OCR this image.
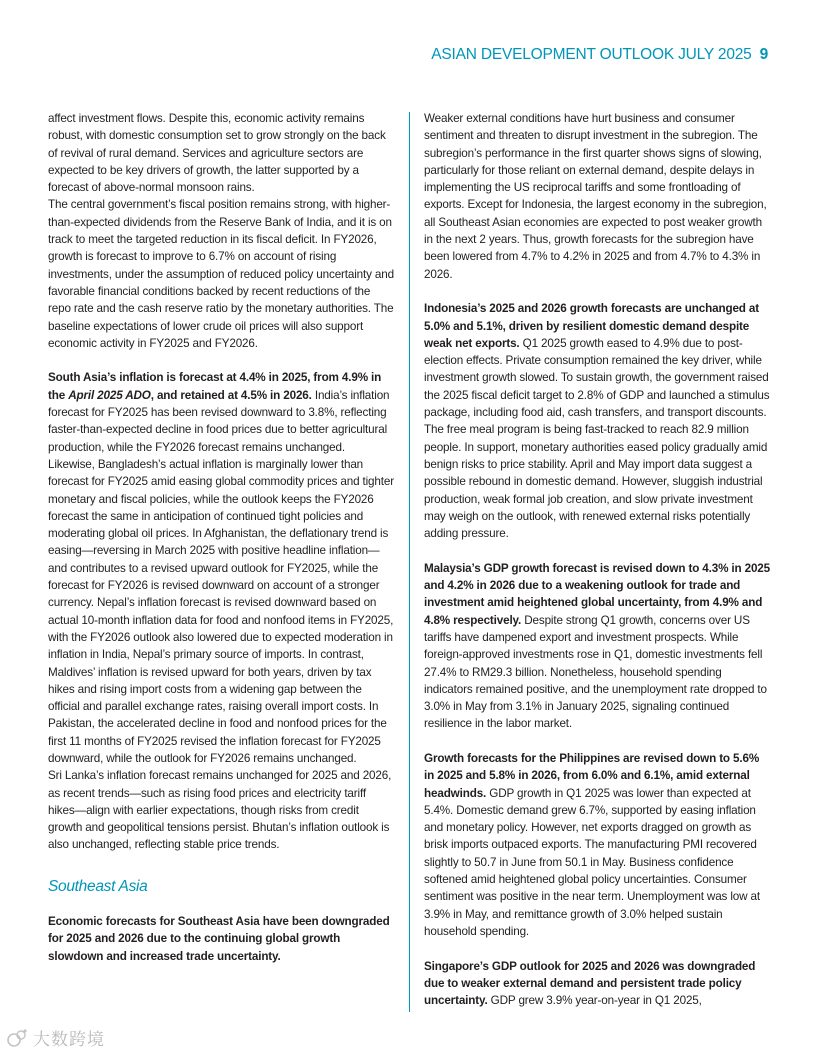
ASIAN DEVELOPMENT OUTLOOK JULY 2025 9

affect investment flows. Despite this, economic activity remains robust, with domestic consumption set to grow strongly on the back of revival of rural demand. Services and agriculture sectors are expected to be key drivers of growth, the latter supported by a forecast of above-normal monsoon rains.

The central government’s fiscal position remains strong, with higher-than-expected dividends from the Reserve Bank of India, and it is on track to meet the targeted reduction in its fiscal deficit. In FY2026, growth is forecast to improve to 6.7% on account of rising investments, under the assumption of reduced policy uncertainty and favorable financial conditions backed by recent reductions of the repo rate and the cash reserve ratio by the monetary authorities. The baseline expectations of lower crude oil prices will also support economic activity in FY2025 and FY2026.

South Asia’s inflation is forecast at 4.4% in 2025, from 4.9% in the April 2025 ADO, and retained at 4.5% in 2026. India’s inflation forecast for FY2025 has been revised downward to 3.8%, reflecting faster-than-expected decline in food prices due to better agricultural production, while the FY2026 forecast remains unchanged. Likewise, Bangladesh’s actual inflation is marginally lower than forecast for FY2025 amid easing global commodity prices and tighter monetary and fiscal policies, while the outlook keeps the FY2026 forecast the same in anticipation of continued tight policies and moderating global oil prices. In Afghanistan, the deflationary trend is easing—reversing in March 2025 with positive headline inflation—and contributes to a revised upward outlook for FY2025, while the forecast for FY2026 is revised downward on account of a stronger currency. Nepal’s inflation forecast is revised downward based on actual 10-month inflation data for food and nonfood items in FY2025, with the FY2026 outlook also lowered due to expected moderation in inflation in India, Nepal’s primary source of imports. In contrast, Maldives’ inflation is revised upward for both years, driven by tax hikes and rising import costs from a widening gap between the official and parallel exchange rates, raising overall import costs. In Pakistan, the accelerated decline in food and nonfood prices for the first 11 months of FY2025 revised the inflation forecast for FY2025 downward, while the outlook for FY2026 remains unchanged.

Sri Lanka’s inflation forecast remains unchanged for 2025 and 2026, as recent trends—such as rising food prices and electricity tariff hikes—align with earlier expectations, though risks from credit growth and geopolitical tensions persist. Bhutan’s inflation outlook is also unchanged, reflecting stable price trends.

Southeast Asia

Economic forecasts for Southeast Asia have been downgraded for 2025 and 2026 due to the continuing global growth slowdown and increased trade uncertainty.

Weaker external conditions have hurt business and consumer sentiment and threaten to disrupt investment in the subregion. The subregion’s performance in the first quarter shows signs of slowing, particularly for those reliant on external demand, despite delays in implementing the US reciprocal tariffs and some frontloading of exports. Except for Indonesia, the largest economy in the subregion, all Southeast Asian economies are expected to post weaker growth in the next 2 years. Thus, growth forecasts for the subregion have been lowered from 4.7% to 4.2% in 2025 and from 4.7% to 4.3% in 2026.

Indonesia’s 2025 and 2026 growth forecasts are unchanged at 5.0% and 5.1%, driven by resilient domestic demand despite weak net exports. Q1 2025 growth eased to 4.9% due to post-election effects. Private consumption remained the key driver, while investment growth slowed. To sustain growth, the government raised the 2025 fiscal deficit target to 2.8% of GDP and launched a stimulus package, including food aid, cash transfers, and transport discounts. The free meal program is being fast-tracked to reach 82.9 million people. In support, monetary authorities eased policy gradually amid benign risks to price stability. April and May import data suggest a possible rebound in domestic demand. However, sluggish industrial production, weak formal job creation, and slow private investment may weigh on the outlook, with renewed external risks potentially adding pressure.

Malaysia’s GDP growth forecast is revised down to 4.3% in 2025 and 4.2% in 2026 due to a weakening outlook for trade and investment amid heightened global uncertainty, from 4.9% and 4.8% respectively. Despite strong Q1 growth, concerns over US tariffs have dampened export and investment prospects. While foreign-approved investments rose in Q1, domestic investments fell 27.4% to RM29.3 billion. Nonetheless, household spending indicators remained positive, and the unemployment rate dropped to 3.0% in May from 3.1% in January 2025, signaling continued resilience in the labor market.

Growth forecasts for the Philippines are revised down to 5.6% in 2025 and 5.8% in 2026, from 6.0% and 6.1%, amid external headwinds. GDP growth in Q1 2025 was lower than expected at 5.4%. Domestic demand grew 6.7%, supported by easing inflation and monetary policy. However, net exports dragged on growth as brisk imports outpaced exports. The manufacturing PMI recovered slightly to 50.7 in June from 50.1 in May. Business confidence softened amid heightened global policy uncertainties. Consumer sentiment was positive in the near term. Unemployment was low at 3.9% in May, and remittance growth of 3.0% helped sustain household spending.

Singapore’s GDP outlook for 2025 and 2026 was downgraded due to weaker external demand and persistent trade policy uncertainty. GDP grew 3.9% year-on-year in Q1 2025,

大数跨境
